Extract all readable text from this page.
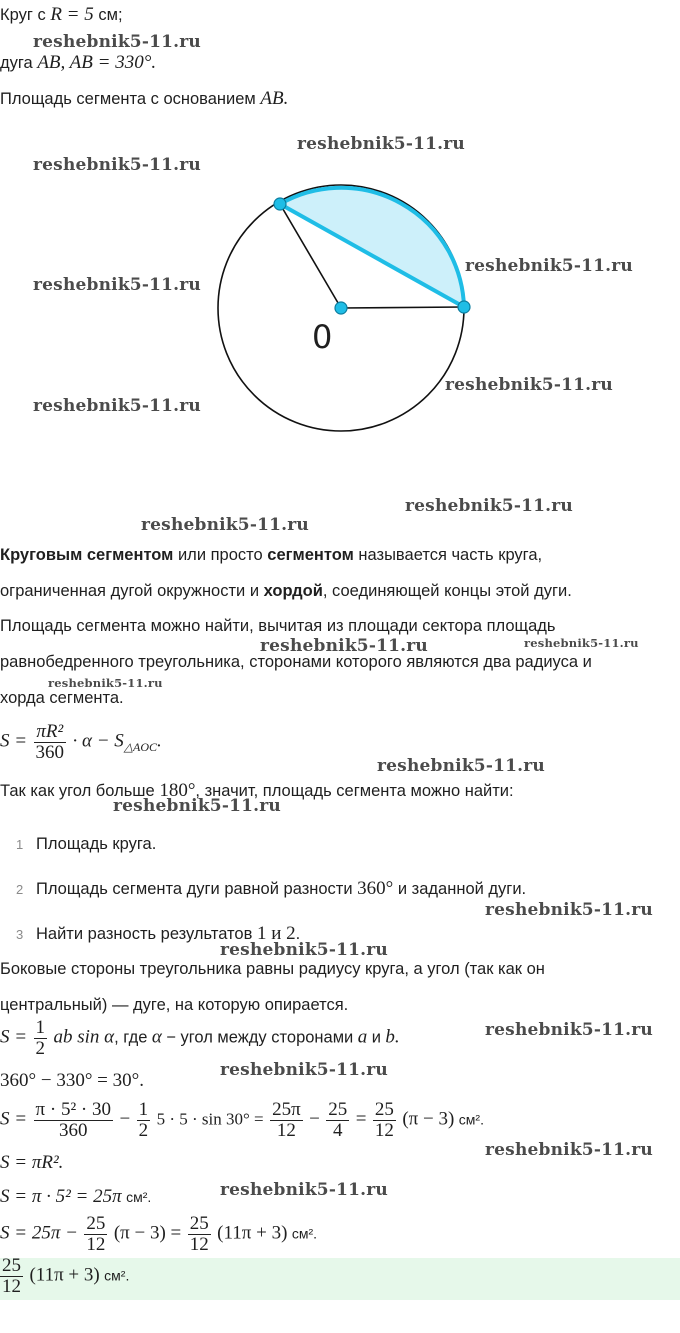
Круг с R = 5 см;
дуга AB, AB = 330°.
Площадь сегмента с основанием AB.
0
Круговым сегментом или просто сегментом называется часть круга,
ограниченная дугой окружности и хордой, соединяющей концы этой дуги.
Площадь сегмента можно найти, вычитая из площади сектора площадь
равнобедренного треугольника, сторонами которого являются два радиуса и
хорда сегмента.
$S = \frac{\text{πR²}}{360} \cdot \alpha - S_{\triangle AOC}$.
Так как угол больше 180°, значит, площадь сегмента можно найти:
1 Площадь круга.
2 Площадь сегмента дуги равной разности 360° и заданной дуги.
3 Найти разность результатов 1 и 2.
Боковые стороны треугольника равны радиусу круга, а угол (так как он
центральный) — дуге, на которую опирается.
$S = \frac{1}{2}$ ab sin α, где α − угол между сторонами a и b.
360° − 330° = 30°.
$S = \frac{\text{π · 5² · 30}}{360} - \frac{1}{2} 5 \cdot 5 \cdot \sin 30^\circ = \frac{25\pi}{12} - \frac{25}{4} = \frac{25}{12} (\pi - 3)$ см².
S = πR².
S = π · 5² = 25π см².
$S = 25\pi - \frac{25}{12} (\pi - 3) = \frac{25}{12} (11\pi + 3)$ см².
$\frac{25}{12} (11\pi + 3)$ см².
reshebnik5-11.ru
reshebnik5-11.ru
reshebnik5-11.ru
reshebnik5-11.ru
reshebnik5-11.ru
reshebnik5-11.ru
reshebnik5-11.ru
reshebnik5-11.ru
reshebnik5-11.ru
reshebnik5-11.ru	reshebnik5-11.ru
reshebnik5-11.ru
reshebnik5-11.ru
reshebnik5-11.ru
reshebnik5-11.ru
reshebnik5-11.ru
reshebnik5-11.ru
reshebnik5-11.ru
reshebnik5-11.ru
reshebnik5-11.ru
